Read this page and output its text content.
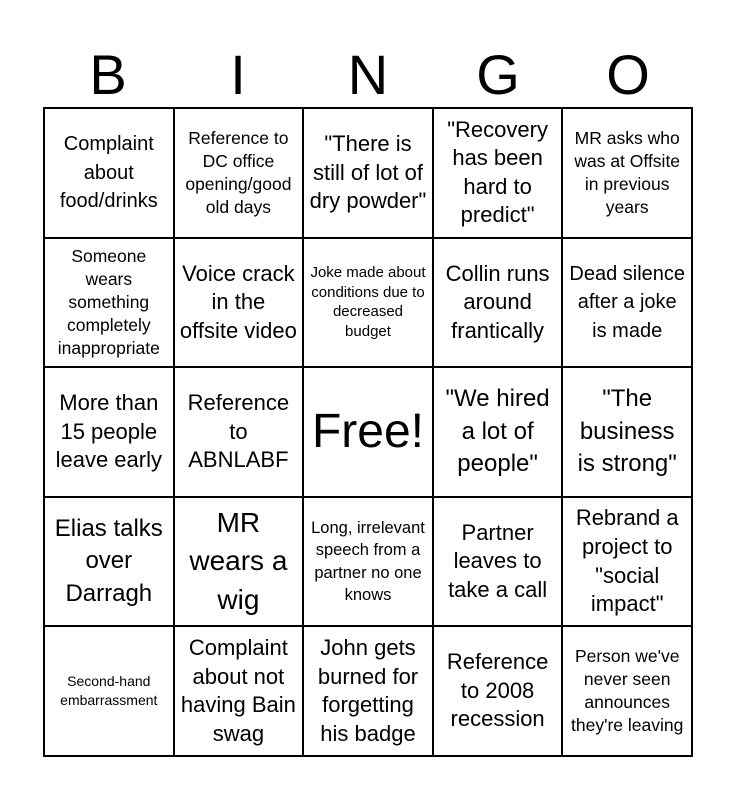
B	I	N	G	O
Complaint about food/drinks
Reference to DC office opening/good old days
"There is still of lot of dry powder"
"Recovery has been hard to predict"
MR asks who was at Offsite in previous years
Someone wears something completely inappropriate
Voice crack in the offsite video
Joke made about conditions due to decreased budget
Collin runs around frantically
Dead silence after a joke is made
More than 15 people leave early
Reference to ABNLABF
Free!
"We hired a lot of people"
"The business is strong"
Elias talks over Darragh
MR wears a wig
Long, irrelevant speech from a partner no one knows
Partner leaves to take a call
Rebrand a project to "social impact"
Second-hand embarrassment
Complaint about not having Bain swag
John gets burned for forgetting his badge
Reference to 2008 recession
Person we've never seen announces they're leaving
